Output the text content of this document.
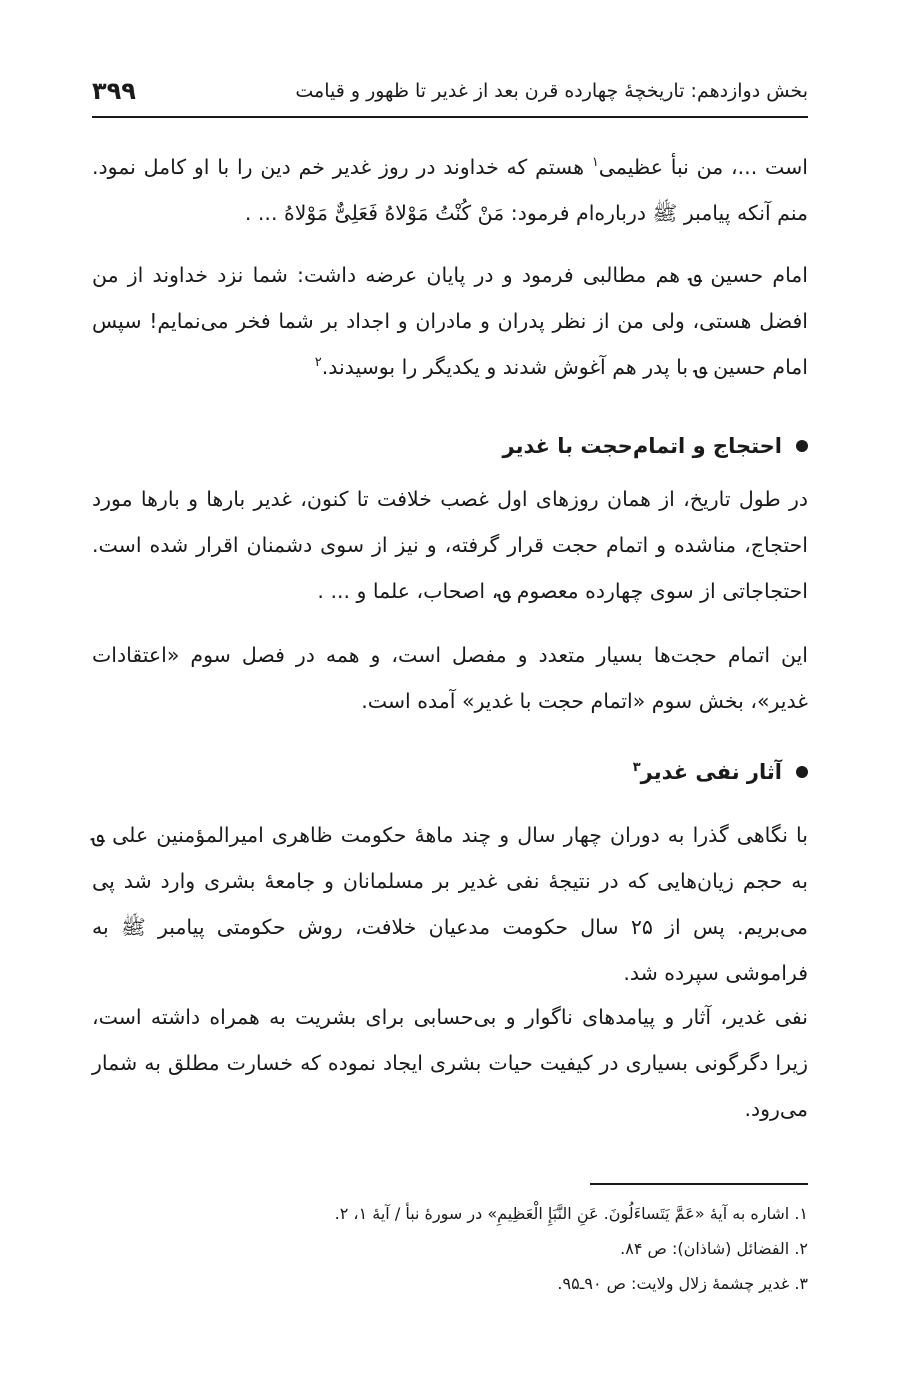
۳۹۹	بخش دوازدهم: تاریخچۀ چهارده قرن بعد از غدیر تا ظهور و قیامت

است ...، من نبأ عظیمی$^۱$ هستم که خداوند در روز غدیر خم دین را با او کامل نمود. منم آنکه پیامبر ﷺ درباره‌ام فرمود: مَنْ کُنْتُ مَوْلاهُ فَعَلِیٌّ مَوْلاهُ ... .

امام حسین ؈ هم مطالبی فرمود و در پایان عرضه داشت: شما نزد خداوند از من افضل هستی، ولی من از نظر پدران و مادران و اجداد بر شما فخر می‌نمایم! سپس امام حسین ؈ با پدر هم آغوش شدند و یکدیگر را بوسیدند.$^۲$

احتجاج و اتمام‌حجت با غدیر

در طول تاریخ، از همان روزهای اول غصب خلافت تا کنون، غدیر بارها و بارها مورد احتجاج، مناشده و اتمام حجت قرار گرفته، و نیز از سوی دشمنان اقرار شده است. احتجاجاتی از سوی چهارده معصوم ؈، اصحاب، علما و ... .

این اتمام حجت‌ها بسیار متعدد و مفصل است، و همه در فصل سوم «اعتقادات غدیر»، بخش سوم «اتمام حجت با غدیر» آمده است.

آثار نفی غدیر$^۳$

با نگاهی گذرا به دوران چهار سال و چند ماهۀ حکومت ظاهری امیرالمؤمنین علی ؈ به حجم زیان‌هایی که در نتیجۀ نفی غدیر بر مسلمانان و جامعۀ بشری وارد شد پی می‌بریم. پس از ۲۵ سال حکومت مدعیان خلافت، روش حکومتی پیامبر ﷺ به فراموشی سپرده شد.

نفی غدیر، آثار و پیامدهای ناگوار و بی‌حسابی برای بشریت به همراه داشته است، زیرا دگرگونی بسیاری در کیفیت حیات بشری ایجاد نموده که خسارت مطلق به شمار می‌رود.

۱. اشاره به آیۀ «عَمَّ یَتَساءَلُونَ. عَنِ النَّبَإِ الْعَظِیمِ» در سورۀ نبأ / آیۀ ۱، ۲.

۲. الفضائل (شاذان): ص ۸۴.

۳. غدیر چشمۀ زلال ولایت: ص ۹۰ـ۹۵.
